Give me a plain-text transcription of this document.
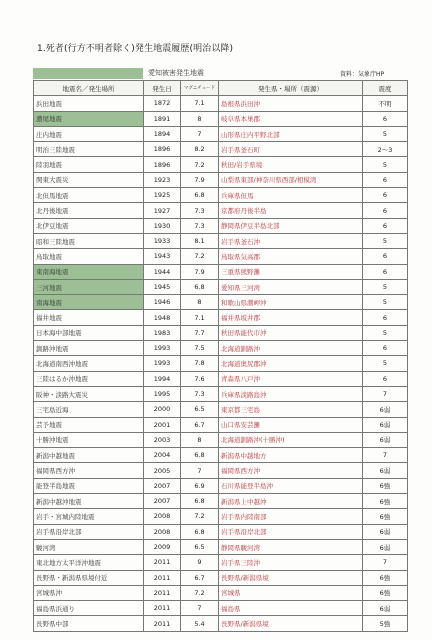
1.死者(行方不明者除く)発生地震履歴(明治以降)
愛知被害発生地震	資料：気象庁HP
地震名／発生場所	発生日	マグニチュード	発生県・場所（震源）	震度
浜田地震	1872	7.1	島根県浜田沖	不明
濃尾地震	1891	8	岐阜県本巣郡	6
庄内地震	1894	7	山形県庄内平野北部	5
明治三陸地震	1896	8.2	岩手県釜石町	2〜3
陸羽地震	1896	7.2	秋田/岩手県境	5
関東大震災	1923	7.9	山梨県東部/神奈川県西部/相模湾	6
北但馬地震	1925	6.8	兵庫県但馬	6
北丹後地震	1927	7.3	京都府丹後半島	6
北伊豆地震	1930	7.3	静岡県伊豆半島北部	6
昭和三陸地震	1933	8.1	岩手県釜石沖	5
鳥取地震	1943	7.2	鳥取県気高郡	6
東南海地震	1944	7.9	三重県熊野灘	6
三河地震	1945	6.8	愛知県三河湾	5
南海地震	1946	8	和歌山県潮岬沖	5
福井地震	1948	7.1	福井県坂井郡	6
日本海中部地震	1983	7.7	秋田県能代市沖	5
釧路沖地震	1993	7.5	北海道釧路沖	6
北海道南西沖地震	1993	7.8	北海道奥尻郡沖	5
三陸はるか沖地震	1994	7.6	青森県八戸沖	6
阪神・淡路大震災	1995	7.3	兵庫県淡路島沖	7
三宅島近海	2000	6.5	東京都三宅島	6弱
芸予地震	2001	6.7	山口県安芸灘	6弱
十勝沖地震	2003	8	北海道釧路沖(十勝沖)	6弱
新潟中越地震	2004	6.8	新潟県中越地方	7
福岡県西方沖	2005	7	福岡県西方沖	6弱
能登半島地震	2007	6.9	石川県能登半島沖	6強
新潟中越沖地震	2007	6.8	新潟県上中越沖	6強
岩手・宮城内陸地震	2008	7.2	岩手県内陸南部	6強
岩手県沿岸北部	2008	6.8	岩手県沿岸北部	6弱
駿河湾	2009	6.5	静岡県駿河湾	6弱
東北地方太平洋沖地震	2011	9	岩手県三陸沖	7
長野県・新潟県県境付近	2011	6.7	長野県/新潟県境	6強
宮城県沖	2011	7.2	宮城県	6強
福島県浜通り	2011	7	福島県	6弱
長野県中部	2011	5.4	長野県/新潟県境	5強
